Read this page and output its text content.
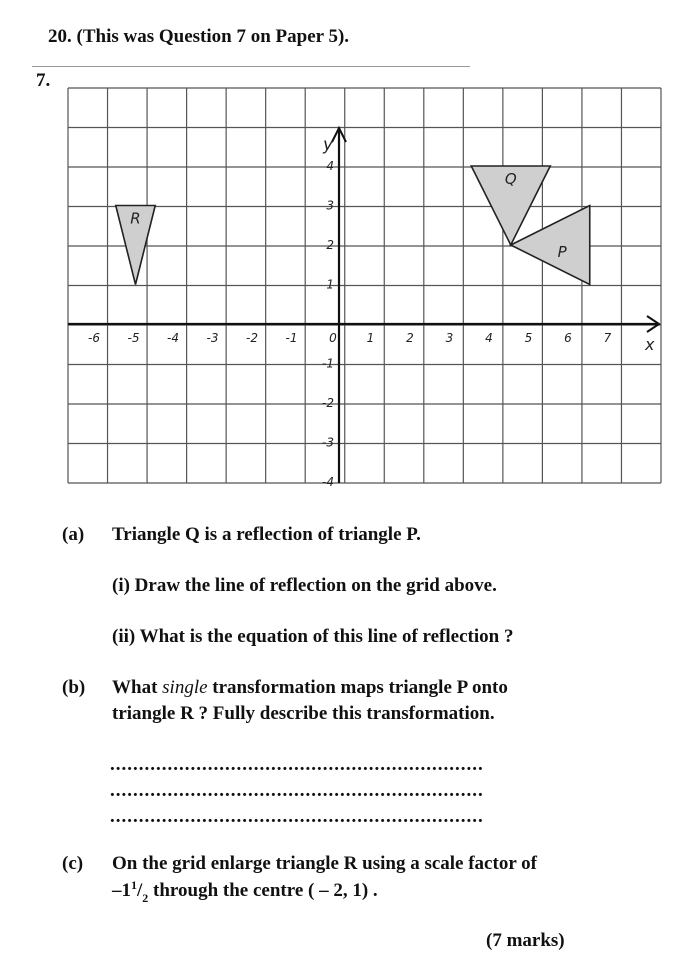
20. (This was Question 7 on Paper 5).
7.
R
Q
P
x
y
-6 -5 -4 -3 -2 -1	0 1	2	3	4	5	6	7
4
3
2
1
-1
-2
-3
-4
(a) Triangle Q is a reflection of triangle P.
(i) Draw the line of reflection on the grid above.
(ii) What is the equation of this line of reflection ?
(b) What single transformation maps triangle P onto
triangle R ? Fully describe this transformation.
.................................................................
.................................................................
.................................................................
(c) On the grid enlarge triangle R using a scale factor of
$-1^1/_2$ through the centre ( – 2, 1) .
(7 marks)
